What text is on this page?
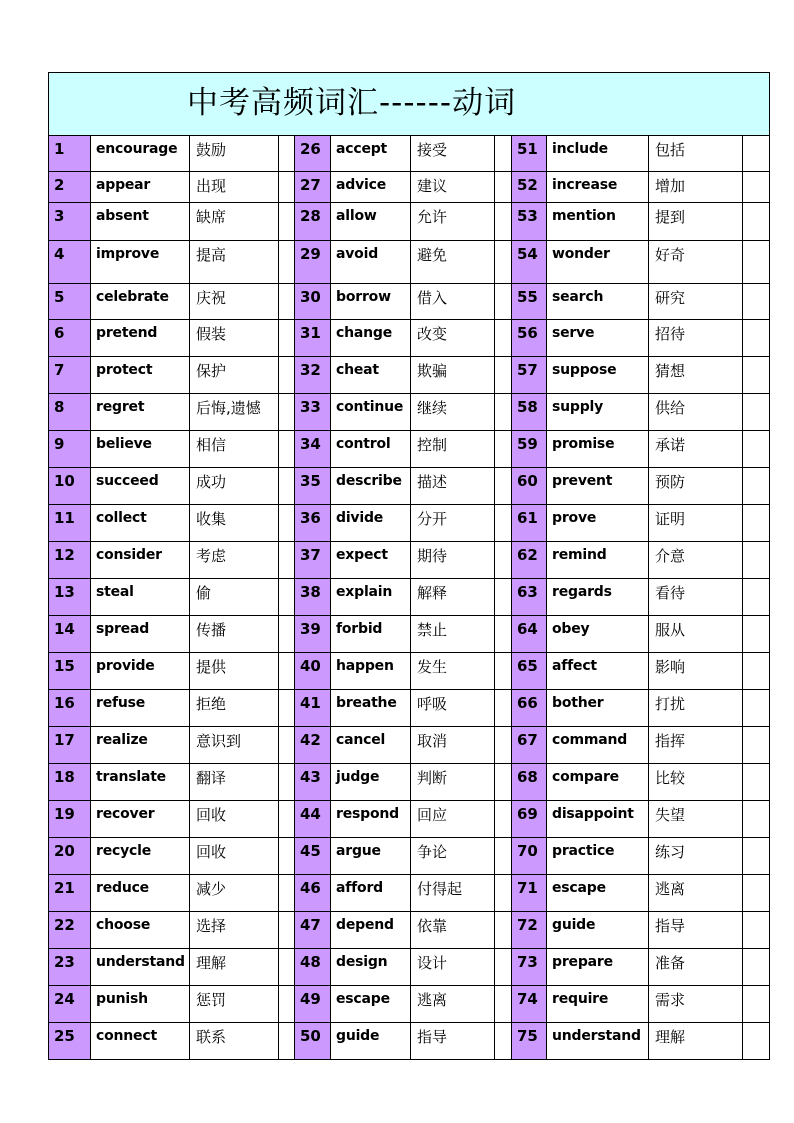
中考高频词汇------动词											

1	encourage	鼓励		26	accept	接受		51	include	包括	

2	appear	出现		27	advice	建议		52	increase	增加	

3	absent	缺席		28	allow	允许		53	mention	提到	

4	improve	提高		29	avoid	避免		54	wonder	好奇	

5	celebrate	庆祝		30	borrow	借入		55	search	研究	

6	pretend	假装		31	change	改变		56	serve	招待	

7	protect	保护		32	cheat	欺骗		57	suppose	猜想	

8	regret	后悔,遗憾		33	continue	继续		58	supply	供给	

9	believe	相信		34	control	控制		59	promise	承诺	

10	succeed	成功		35	describe	描述		60	prevent	预防	

11	collect	收集		36	divide	分开		61	prove	证明	

12	consider	考虑		37	expect	期待		62	remind	介意	

13	steal	偷		38	explain	解释		63	regards	看待	

14	spread	传播		39	forbid	禁止		64	obey	服从	

15	provide	提供		40	happen	发生		65	affect	影响	

16	refuse	拒绝		41	breathe	呼吸		66	bother	打扰	

17	realize	意识到		42	cancel	取消		67	command	指挥	

18	translate	翻译		43	judge	判断		68	compare	比较	

19	recover	回收		44	respond	回应		69	disappoint	失望	

20	recycle	回收		45	argue	争论		70	practice	练习	

21	reduce	减少		46	afford	付得起		71	escape	逃离	

22	choose	选择		47	depend	依靠		72	guide	指导	

23	understand	理解		48	design	设计		73	prepare	准备	

24	punish	惩罚		49	escape	逃离		74	require	需求	

25	connect	联系		50	guide	指导		75	understand	理解	
